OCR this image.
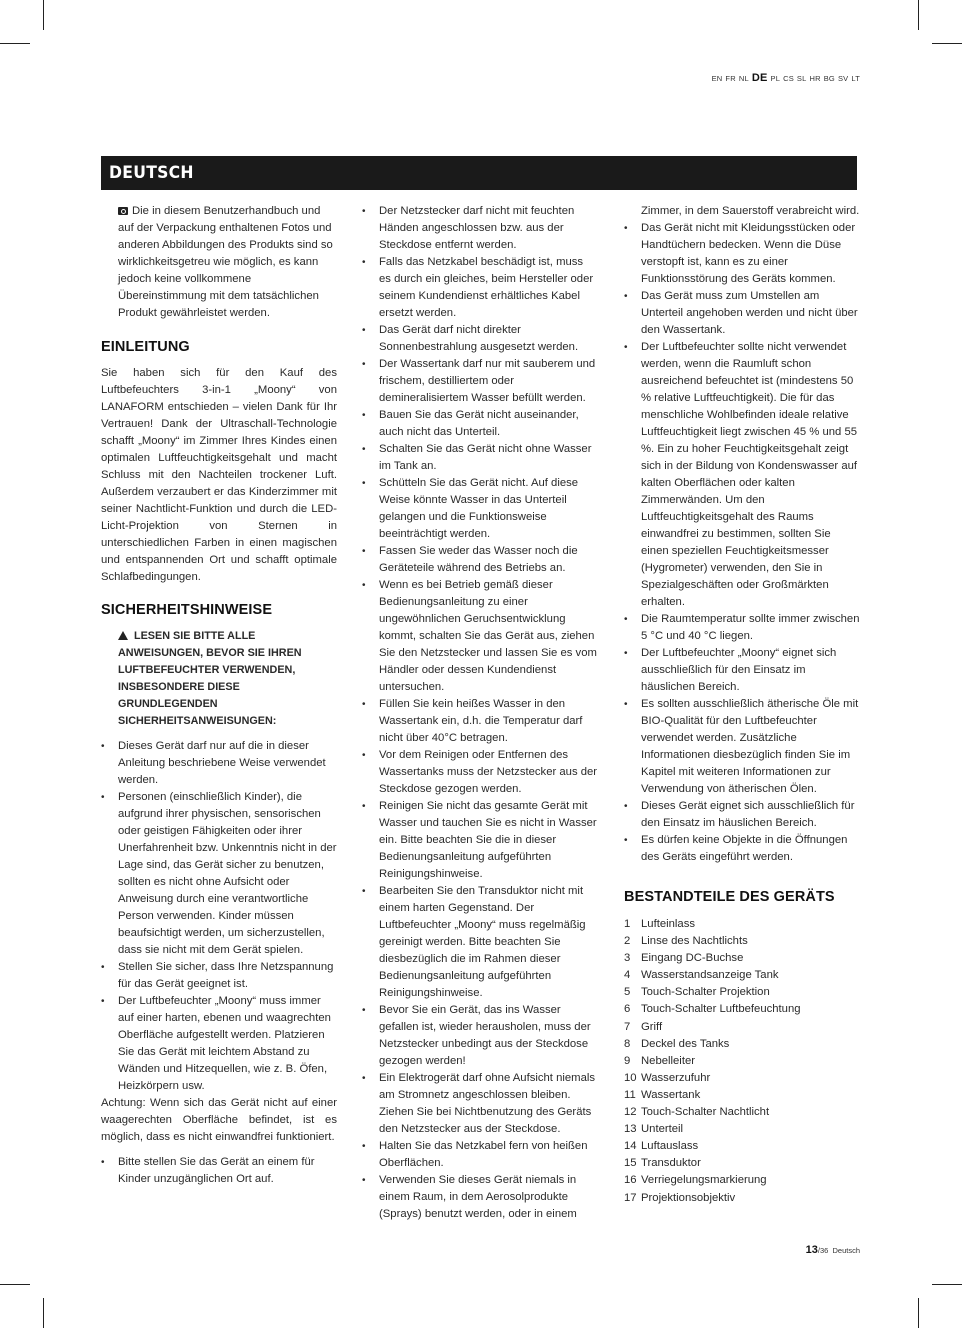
EN FR NL DE PL CS SL HR BG SV LT
DEUTSCH

Die in diesem Benutzerhandbuch und auf der Verpackung enthaltenen Fotos und anderen Abbildungen des Produkts sind so wirklichkeitsgetreu wie möglich, es kann jedoch keine vollkommene Übereinstimmung mit dem tatsächlichen Produkt gewährleistet werden.

EINLEITUNG

Sie haben sich für den Kauf des Luftbefeuchters 3-in-1 „Moony“ von LANAFORM entschieden – vielen Dank für Ihr Vertrauen! Dank der Ultraschall-Technologie schafft „Moony“ im Zimmer Ihres Kindes einen optimalen Luftfeuchtigkeitsgehalt und macht Schluss mit den Nachteilen trockener Luft. Außerdem verzaubert er das Kinderzimmer mit seiner Nachtlicht-Funktion und durch die LED-Licht-Projektion von Sternen in unterschiedlichen Farben in einen magischen und entspannenden Ort und schafft optimale Schlafbedingungen.

SICHERHEITSHINWEISE

LESEN SIE BITTE ALLE ANWEISUNGEN, BEVOR SIE IHREN LUFTBEFEUCHTER VERWENDEN, INSBESONDERE DIESE GRUNDLEGENDEN SICHERHEITSANWEISUNGEN:

• Dieses Gerät darf nur auf die in dieser Anleitung beschriebene Weise verwendet werden.
• Personen (einschließlich Kinder), die aufgrund ihrer physischen, sensorischen oder geistigen Fähigkeiten oder ihrer Unerfahrenheit bzw. Unkenntnis nicht in der Lage sind, das Gerät sicher zu benutzen, sollten es nicht ohne Aufsicht oder Anweisung durch eine verantwortliche Person verwenden. Kinder müssen beaufsichtigt werden, um sicherzustellen, dass sie nicht mit dem Gerät spielen.
• Stellen Sie sicher, dass Ihre Netzspannung für das Gerät geeignet ist.
• Der Luftbefeuchter „Moony“ muss immer auf einer harten, ebenen und waagrechten Oberfläche aufgestellt werden. Platzieren Sie das Gerät mit leichtem Abstand zu Wänden und Hitzequellen, wie z. B. Öfen, Heizkörpern usw.

Achtung: Wenn sich das Gerät nicht auf einer waagerechten Oberfläche befindet, ist es möglich, dass es nicht einwandfrei funktioniert.

• Bitte stellen Sie das Gerät an einem für Kinder unzugänglichen Ort auf.
• Der Netzstecker darf nicht mit feuchten Händen angeschlossen bzw. aus der Steckdose entfernt werden.
• Falls das Netzkabel beschädigt ist, muss es durch ein gleiches, beim Hersteller oder seinem Kundendienst erhältliches Kabel ersetzt werden.
• Das Gerät darf nicht direkter Sonnenbestrahlung ausgesetzt werden.
• Der Wassertank darf nur mit sauberem und frischem, destilliertem oder demineralisiertem Wasser befüllt werden.
• Bauen Sie das Gerät nicht auseinander, auch nicht das Unterteil.
• Schalten Sie das Gerät nicht ohne Wasser im Tank an.
• Schütteln Sie das Gerät nicht. Auf diese Weise könnte Wasser in das Unterteil gelangen und die Funktionsweise beeinträchtigt werden.
• Fassen Sie weder das Wasser noch die Geräteteile während des Betriebs an.
• Wenn es bei Betrieb gemäß dieser Bedienungsanleitung zu einer ungewöhnlichen Geruchsentwicklung kommt, schalten Sie das Gerät aus, ziehen Sie den Netzstecker und lassen Sie es vom Händler oder dessen Kundendienst untersuchen.
• Füllen Sie kein heißes Wasser in den Wassertank ein, d.h. die Temperatur darf nicht über 40°C betragen.
• Vor dem Reinigen oder Entfernen des Wassertanks muss der Netzstecker aus der Steckdose gezogen werden.
• Reinigen Sie nicht das gesamte Gerät mit Wasser und tauchen Sie es nicht in Wasser ein. Bitte beachten Sie die in dieser Bedienungsanleitung aufgeführten Reinigungshinweise.
• Bearbeiten Sie den Transduktor nicht mit einem harten Gegenstand. Der Luftbefeuchter „Moony“ muss regelmäßig gereinigt werden. Bitte beachten Sie diesbezüglich die im Rahmen dieser Bedienungsanleitung aufgeführten Reinigungshinweise.
• Bevor Sie ein Gerät, das ins Wasser gefallen ist, wieder herausholen, muss der Netzstecker unbedingt aus der Steckdose gezogen werden!
• Ein Elektrogerät darf ohne Aufsicht niemals am Stromnetz angeschlossen bleiben. Ziehen Sie bei Nichtbenutzung des Geräts den Netzstecker aus der Steckdose.
• Halten Sie das Netzkabel fern von heißen Oberflächen.
• Verwenden Sie dieses Gerät niemals in einem Raum, in dem Aerosolprodukte (Sprays) benutzt werden, oder in einem

Zimmer, in dem Sauerstoff verabreicht wird.

• Das Gerät nicht mit Kleidungsstücken oder Handtüchern bedecken. Wenn die Düse verstopft ist, kann es zu einer Funktionsstörung des Geräts kommen.
• Das Gerät muss zum Umstellen am Unterteil angehoben werden und nicht über den Wassertank.
• Der Luftbefeuchter sollte nicht verwendet werden, wenn die Raumluft schon ausreichend befeuchtet ist (mindestens 50 % relative Luftfeuchtigkeit). Die für das menschliche Wohlbefinden ideale relative Luftfeuchtigkeit liegt zwischen 45 % und 55 %. Ein zu hoher Feuchtigkeitsgehalt zeigt sich in der Bildung von Kondenswasser auf kalten Oberflächen oder kalten Zimmerwänden. Um den Luftfeuchtigkeitsgehalt des Raums einwandfrei zu bestimmen, sollten Sie einen speziellen Feuchtigkeitsmesser (Hygrometer) verwenden, den Sie in Spezialgeschäften oder Großmärkten erhalten.
• Die Raumtemperatur sollte immer zwischen 5 °C und 40 °C liegen.
• Der Luftbefeuchter „Moony“ eignet sich ausschließlich für den Einsatz im häuslichen Bereich.
• Es sollten ausschließlich ätherische Öle mit BIO-Qualität für den Luftbefeuchter verwendet werden. Zusätzliche Informationen diesbezüglich finden Sie im Kapitel mit weiteren Informationen zur Verwendung von ätherischen Ölen.
• Dieses Gerät eignet sich ausschließlich für den Einsatz im häuslichen Bereich.
• Es dürfen keine Objekte in die Öffnungen des Geräts eingeführt werden.
BESTANDTEILE DES GERÄTS
1 Lufteinlass
2 Linse des Nachtlichts
3 Eingang DC-Buchse
4 Wasserstandsanzeige Tank
5 Touch-Schalter Projektion
6 Touch-Schalter Luftbefeuchtung
7 Griff
8 Deckel des Tanks
9 Nebelleiter
10 Wasserzufuhr
11 Wassertank
12 Touch-Schalter Nachtlicht
13 Unterteil
14 Luftauslass
15 Transduktor
16 Verriegelungsmarkierung
17 Projektionsobjektiv
13/36 Deutsch
